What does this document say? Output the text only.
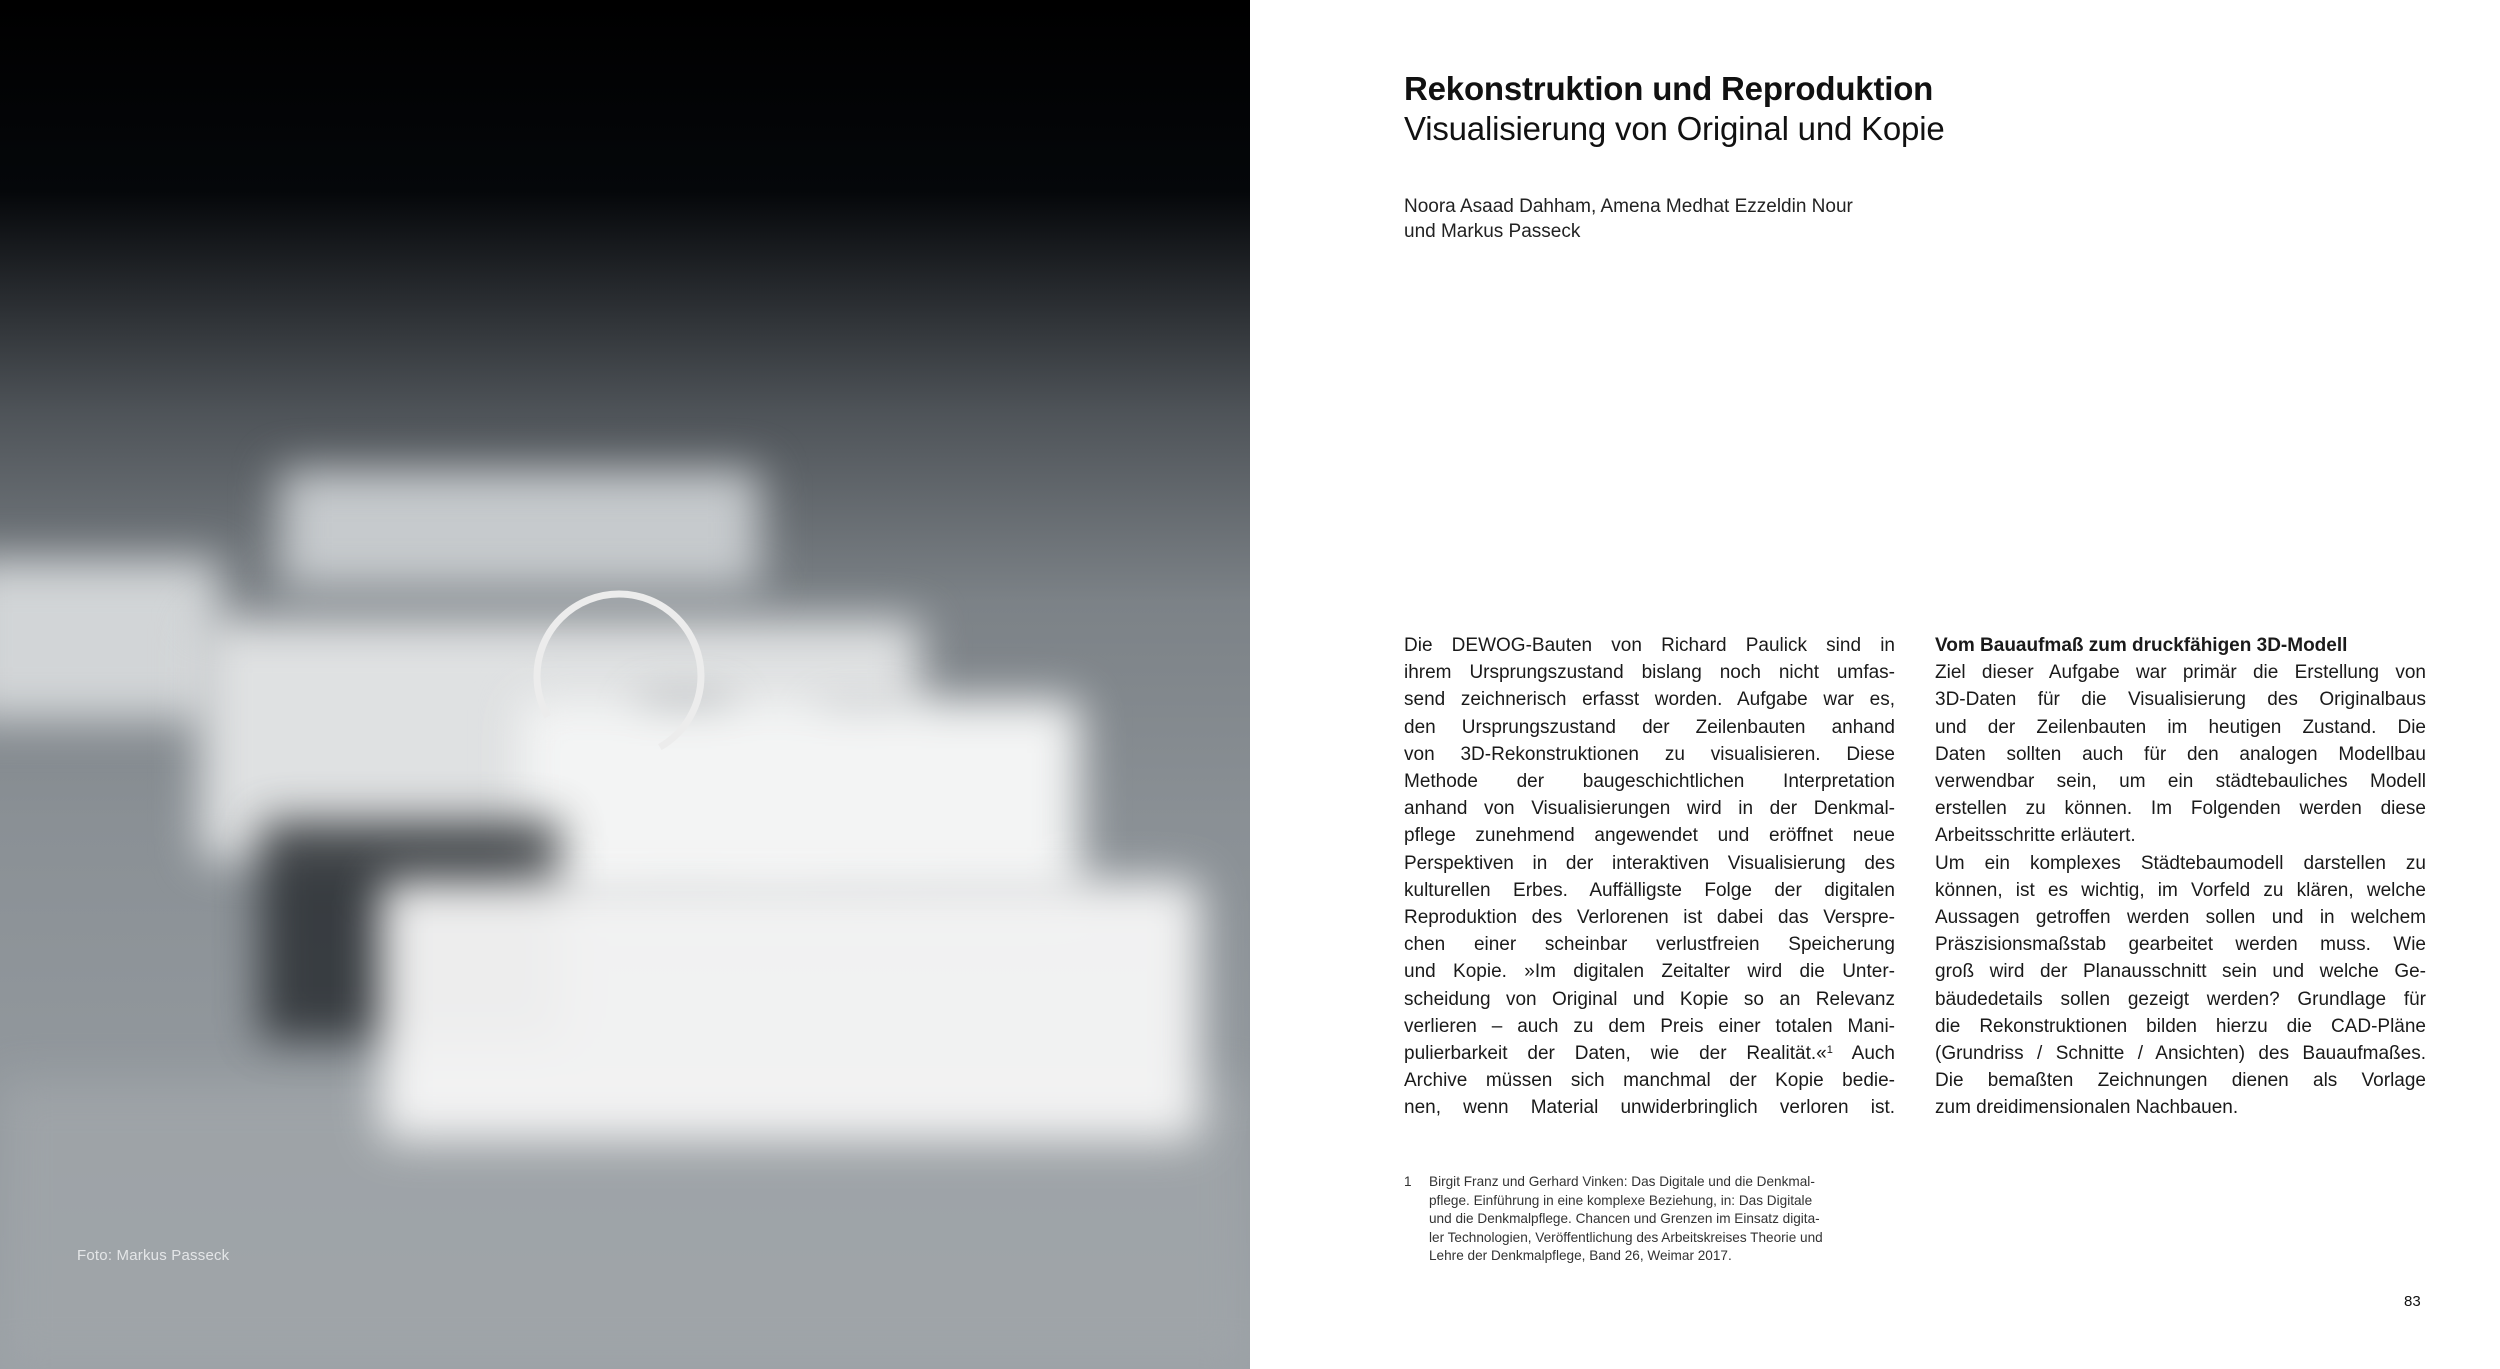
Foto: Markus Passeck
Rekonstruktion und Reproduktion
Visualisierung von Original und Kopie
Noora Asaad Dahham, Amena Medhat Ezzeldin Nour
und Markus Passeck
Die DEWOG-Bauten von Richard Paulick sind in
ihrem Ursprungszustand bislang noch nicht umfas-
send zeichnerisch erfasst worden. Aufgabe war es,
den Ursprungszustand der Zeilenbauten anhand
von 3D-Rekonstruktionen zu visualisieren. Diese
Methode der baugeschichtlichen Interpretation
anhand von Visualisierungen wird in der Denkmal-
pflege zunehmend angewendet und eröffnet neue
Perspektiven in der interaktiven Visualisierung des
kulturellen Erbes. Auffälligste Folge der digitalen
Reproduktion des Verlorenen ist dabei das Verspre-
chen einer scheinbar verlustfreien Speicherung
und Kopie. »Im digitalen Zeitalter wird die Unter-
scheidung von Original und Kopie so an Relevanz
verlieren – auch zu dem Preis einer totalen Mani-
pulierbarkeit der Daten, wie der Realität.«$^1$ Auch
Archive müssen sich manchmal der Kopie bedie-
nen, wenn Material unwiderbringlich verloren ist.
Vom Bauaufmaß zum druckfähigen 3D-Modell
Ziel dieser Aufgabe war primär die Erstellung von
3D-Daten für die Visualisierung des Originalbaus
und der Zeilenbauten im heutigen Zustand. Die
Daten sollten auch für den analogen Modellbau
verwendbar sein, um ein städtebauliches Modell
erstellen zu können. Im Folgenden werden diese
Arbeitsschritte erläutert.
Um ein komplexes Städtebaumodell darstellen zu
können, ist es wichtig, im Vorfeld zu klären, welche
Aussagen getroffen werden sollen und in welchem
Präszisionsmaßstab gearbeitet werden muss. Wie
groß wird der Planausschnitt sein und welche Ge-
bäudedetails sollen gezeigt werden? Grundlage für
die Rekonstruktionen bilden hierzu die CAD-Pläne
(Grundriss / Schnitte / Ansichten) des Bauaufmaßes.
Die bemaßten Zeichnungen dienen als Vorlage
zum dreidimensionalen Nachbauen.
1 Birgit Franz und Gerhard Vinken: Das Digitale und die Denkmal-
pflege. Einführung in eine komplexe Beziehung, in: Das Digitale
und die Denkmalpflege. Chancen und Grenzen im Einsatz digita-
ler Technologien, Veröffentlichung des Arbeitskreises Theorie und
Lehre der Denkmalpflege, Band 26, Weimar 2017.
83
